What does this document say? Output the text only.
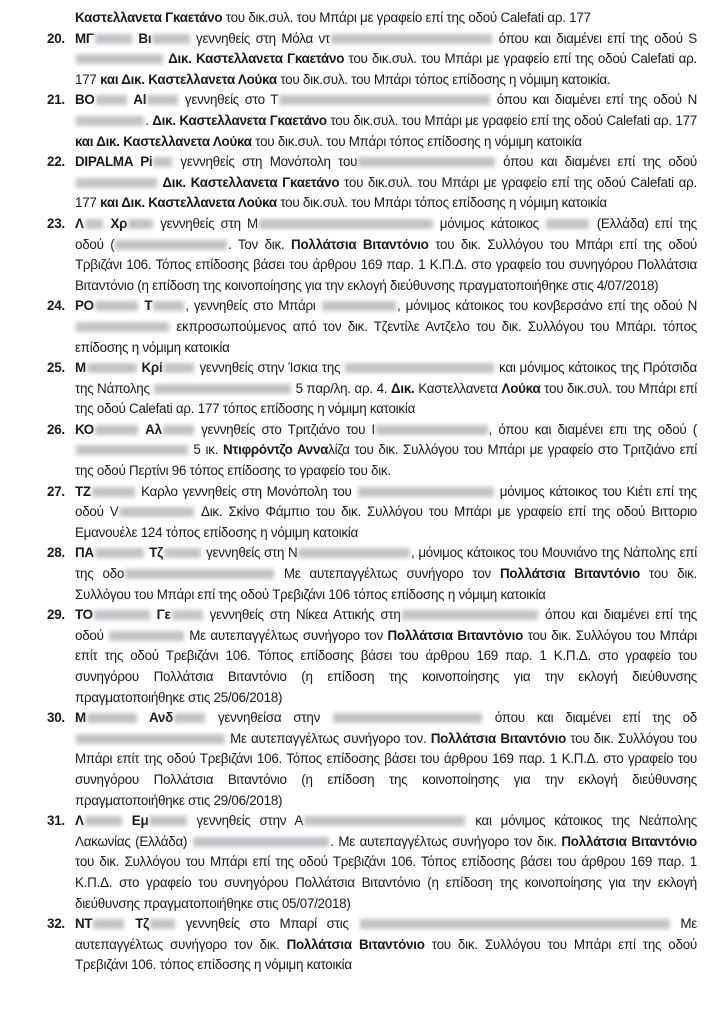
Καστελλανετα Γκαετάνο του δικ.συλ. του Μπάρι με γραφείο επί της οδού Calefati αρ. 177
20. ΜΓ	Βι	γεννηθείς στη Μόλα ντ	όπου και διαμένει επί της οδού S Δικ. Καστελλανετα Γκαετάνο του δικ.συλ. του Μπάρι με γραφείο επί της οδού Calefati αρ. 177 και Δικ. Καστελλανετα Λούκα του δικ.συλ. του Μπάρι τόπος επίδοσης η νόμιμη κατοικία.
21. ΒΟ Al γεννηθείς στο Τ	όπου και διαμένει επί της οδού Ν. Δικ. Καστελλανετα Γκαετάνο του δικ.συλ. του Μπάρι με γραφείο επί της οδού Calefati αρ. 177 και Δικ. Καστελλανετα Λούκα του δικ.συλ. του Μπάρι τόπος επίδοσης η νόμιμη κατοικία
22. DIPALMA Pi γεννηθείς στη Μονόπολη του	όπου και διαμένει επί της οδού  Δικ. Καστελλανετα Γκαετάνο του δικ.συλ. του Μπάρι με γραφείο επί της οδού Calefati αρ. 177 και Δικ. Καστελλανετα Λούκα του δικ.συλ. του Μπάρι τόπος επίδοσης η νόμιμη κατοικία
23. Λ Χρ γεννηθείς στη Μ	μόνιμος κάτοικος	(Ελλάδα) επί της οδού (	. Τον δικ. Πολλάτσια Βιταντόνιο του δικ. Συλλόγου του Μπάρι επί της οδού Τρβιζάνι 106. Τόπος επίδοσης βάσει του άρθρου 169 παρ. 1 Κ.Π.Δ. στο γραφείο του συνηγόρου Πολλάτσια Βιταντόνιο (η επίδοση της κοινοποίησης για την εκλογή διεύθυνσης πραγματοποιήθηκε στις 4/07/2018)
24. ΡΟ	Τ , γεννηθείς στο Μπάρι	, μόνιμος κάτοικος του κονβερσάνο επί της οδού Ν εκπροσωπούμενος από τον δικ. Τζεντίλε Αντζελο του δικ. Συλλόγου του Μπάρι. τόπος επίδοσης η νόμιμη κατοικία
25. Μ	Κρί γεννηθείς στην Ίσκια της	και μόνιμος κάτοικος της Πρότσιδα της Νάπολης	5 παρ/λη. αρ. 4. Δικ. Καστελλανετα Λούκα του δικ.συλ. του Μπάρι επί της οδού Calefati αρ. 177 τόπος επίδοσης η νόμιμη κατοικία
26. ΚΟ	Αλ γεννηθείς στο Τριτζιάνο του Ι	, όπου και διαμένει επι της οδού ( 5 ικ. Ντιφρόντζο Ανναλίζα του δικ. Συλλόγου του Μπάρι με γραφείο στο Τριτζιάνο επί της οδού Περτίνι 96 τόπος επίδοσης το γραφείο του δικ.
27. ΤΖ	Καρλο γεννηθείς στη Μονόπολη του	μόνιμος κάτοικος του Κιέτι επί της οδού V	Δικ. Σκίνο Φάμπιο του δικ. Συλλόγου του Μπάρι με γραφείο επί της οδού Βιττοριο Εμανουέλε 124 τόπος επίδοσης η νόμιμη κατοικία
28. ΠΑ	Τζ	γεννηθείς στη Ν	, μόνιμος κάτοικος του Μουνιάνο της Νάπολης επί της οδο	Με αυτεπαγγέλτως συνήγορο τον Πολλάτσια Βιταντόνιο του δικ. Συλλόγου του Μπάρι επί της οδού Τρεβιζάνι 106 τόπος επίδοσης η νόμιμη κατοικία
29. ΤΟ	Γε γεννηθείς στη Νίκεα Αττικής στη	όπου και διαμένει επί της οδού	Με αυτεπαγγέλτως συνήγορο τον Πολλάτσια Βιταντόνιο του δικ. Συλλόγου του Μπάρι επίτ της οδού Τρεβιζάνι 106. Τόπος επίδοσης βάσει του άρθρου 169 παρ. 1 Κ.Π.Δ. στο γραφείο του συνηγόρου Πολλάτσια Βιταντόνιο (η επίδοση της κοινοποίησης για την εκλογή διεύθυνσης πραγματοποιήθηκε στις 25/06/2018)
30. Μ	Ανδ γεννηθείσα στην	όπου και διαμένει επί της οδ Με αυτεπαγγέλτως συνήγορο τον. Πολλάτσια Βιταντόνιο του δικ. Συλλόγου του Μπάρι επίτ της οδού Τρεβιζάνι 106. Τόπος επίδοσης βάσει του άρθρου 169 παρ. 1 Κ.Π.Δ. στο γραφείο του συνηγόρου Πολλάτσια Βιταντόνιο (η επίδοση της κοινοποίησης για την εκλογή διεύθυνσης πραγματοποιήθηκε στις 29/06/2018)
31. Λ	Εμ	γεννηθείς στην Α	και μόνιμος κάτοικος της Νεάπολης Λακωνίας (Ελλάδα)	. Με αυτεπαγγέλτως συνήγορο τον δικ. Πολλάτσια Βιταντόνιο του δικ. Συλλόγου του Μπάρι επί της οδού Τρεβιζάνι 106. Τόπος επίδοσης βάσει του άρθρου 169 παρ. 1 Κ.Π.Δ. στο γραφείο του συνηγόρου Πολλάτσια Βιταντόνιο (η επίδοση της κοινοποίησης για την εκλογή διεύθυνσης πραγματοποιήθηκε στις 05/07/2018)
32. ΝΤ Τζ γεννηθείς στο Μπαρί στις	Με αυτεπαγγέλτως συνήγορο τον δικ. Πολλάτσια Βιταντόνιο του δικ. Συλλόγου του Μπάρι επί της οδού Τρεβιζάνι 106. τόπος επίδοσης η νόμιμη κατοικία
